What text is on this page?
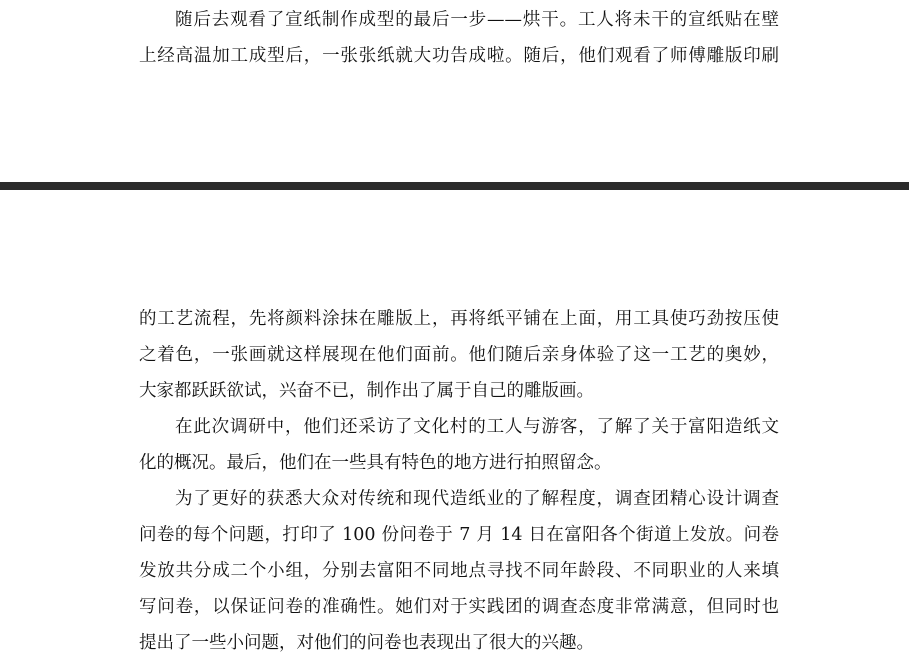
随后去观看了宣纸制作成型的最后一步——烘干。工人将未干的宣纸贴在壁
上经高温加工成型后，一张张纸就大功告成啦。随后，他们观看了师傅雕版印刷
的工艺流程，先将颜料涂抹在雕版上，再将纸平铺在上面，用工具使巧劲按压使
之着色，一张画就这样展现在他们面前。他们随后亲身体验了这一工艺的奥妙，
大家都跃跃欲试，兴奋不已，制作出了属于自己的雕版画。
在此次调研中，他们还采访了文化村的工人与游客，了解了关于富阳造纸文
化的概况。最后，他们在一些具有特色的地方进行拍照留念。
为了更好的获悉大众对传统和现代造纸业的了解程度，调查团精心设计调查
问卷的每个问题，打印了 100 份问卷于 7 月 14 日在富阳各个街道上发放。问卷
发放共分成二个小组，分别去富阳不同地点寻找不同年龄段、不同职业的人来填
写问卷，以保证问卷的准确性。她们对于实践团的调查态度非常满意，但同时也
提出了一些小问题，对他们的问卷也表现出了很大的兴趣。
